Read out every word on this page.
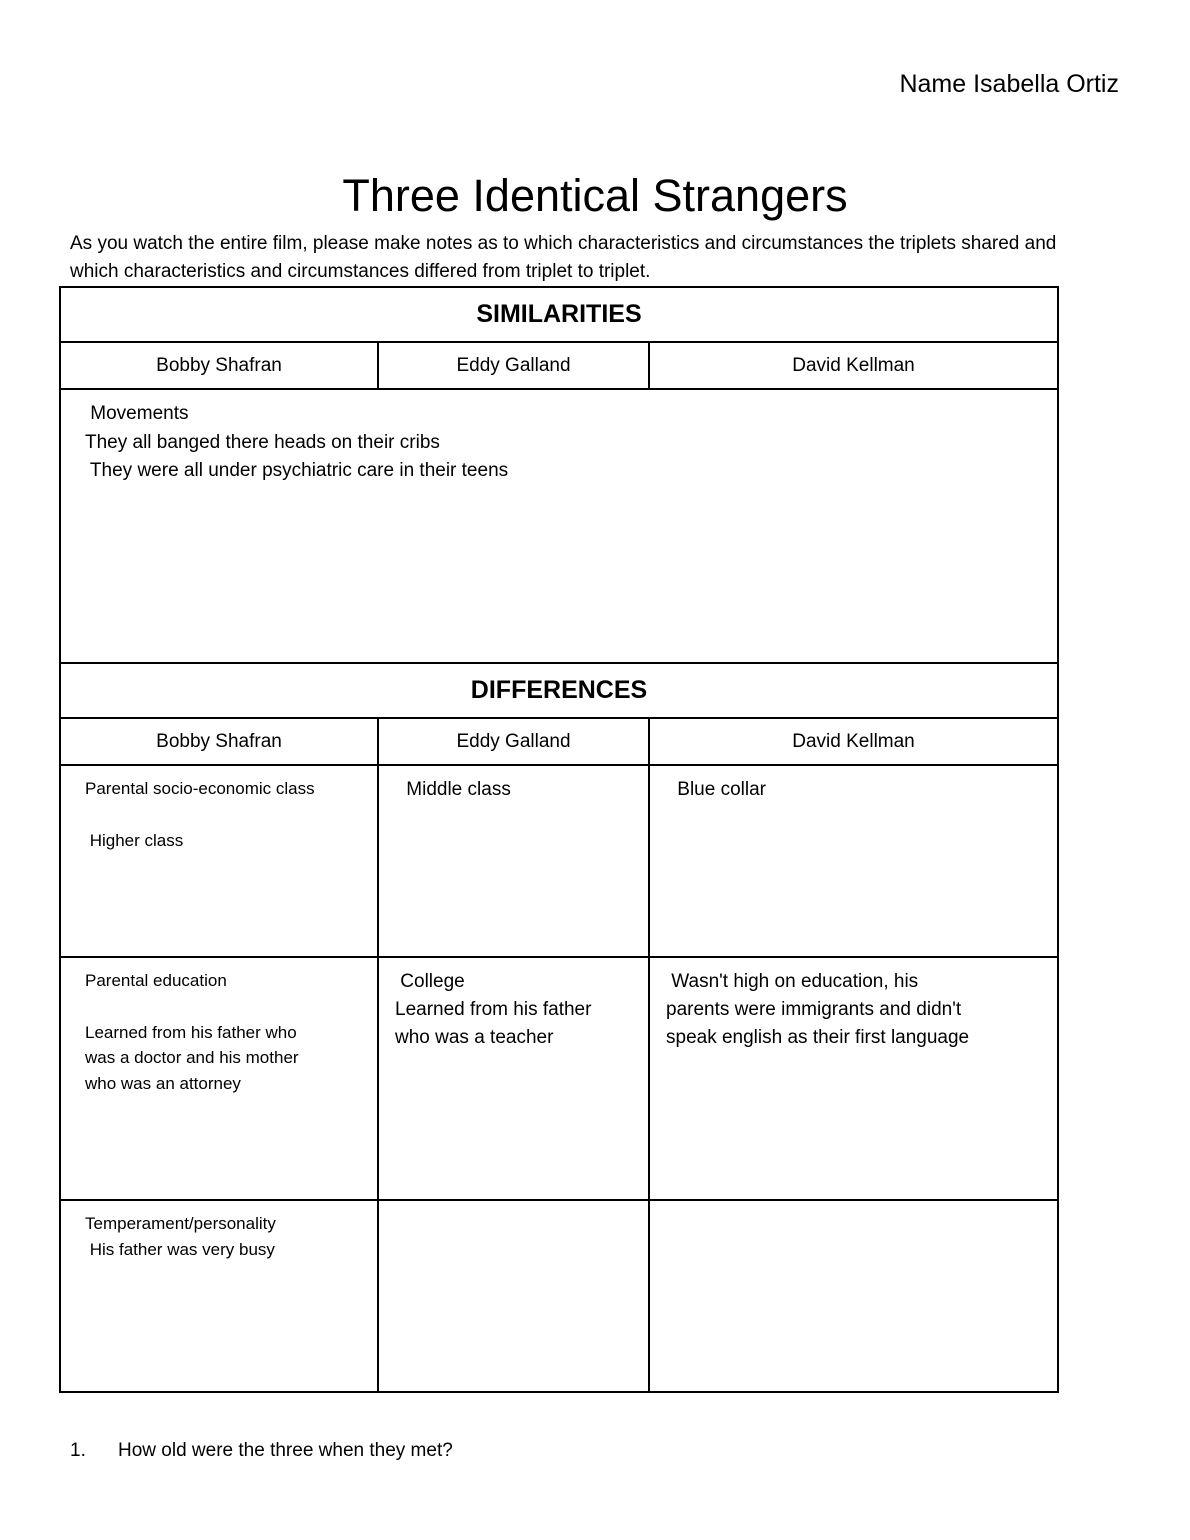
Name Isabella Ortiz
Three Identical Strangers
As you watch the entire film, please make notes as to which characteristics and circumstances the triplets shared and which characteristics and circumstances differed from triplet to triplet.
SIMILARITIES		
Bobby Shafran	Eddy Galland	David Kellman

Movements
They all banged there heads on their cribs
They were all under psychiatric care in their teens		

DIFFERENCES		
Bobby Shafran	Eddy Galland	David Kellman

Parental socio-economic class
Higher class	Middle class	Blue collar

Parental education
Learned from his father who
was a doctor and his mother
who was an attorney	College
Learned from his father
who was a teacher	Wasn't high on education, his
parents were immigrants and didn't
speak english as their first language

Temperament/personality
His father was very busy		

1. How old were the three when they met?
